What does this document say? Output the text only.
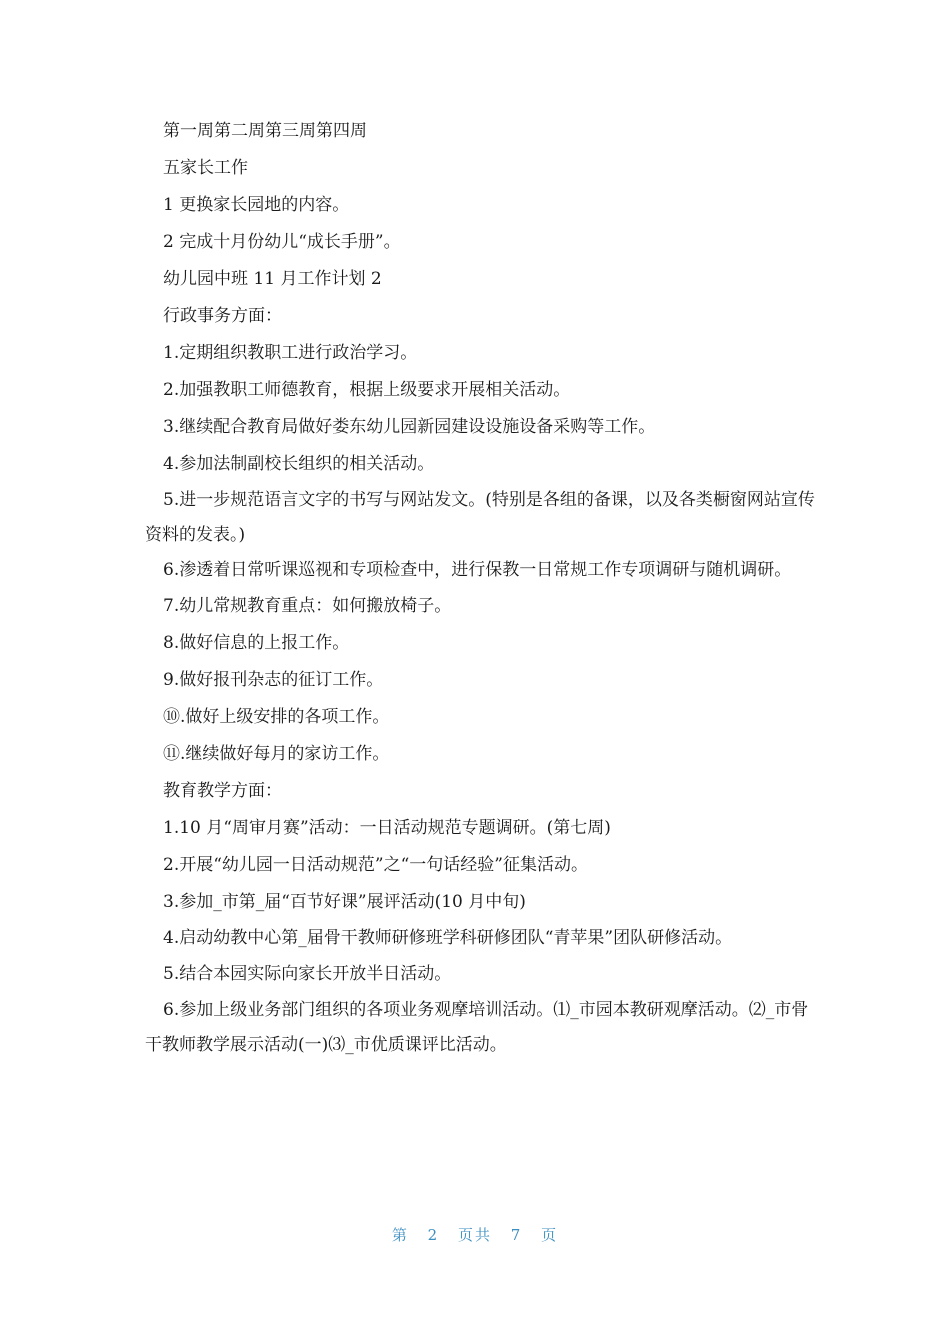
第一周第二周第三周第四周

五家长工作

1 更换家长园地的内容。

2 完成十月份幼儿“成长手册”。

幼儿园中班 11 月工作计划 2

行政事务方面：

1.定期组织教职工进行政治学习。

2.加强教职工师德教育，根据上级要求开展相关活动。

3.继续配合教育局做好娄东幼儿园新园建设设施设备采购等工作。

4.参加法制副校长组织的相关活动。

5.进一步规范语言文字的书写与网站发文。(特别是各组的备课，以及各类橱窗网站宣传资料的发表。)

6.渗透着日常听课巡视和专项检查中，进行保教一日常规工作专项调研与随机调研。

7.幼儿常规教育重点：如何搬放椅子。

8.做好信息的上报工作。

9.做好报刊杂志的征订工作。

⑩.做好上级安排的各项工作。

⑪.继续做好每月的家访工作。

教育教学方面：

1.10 月“周审月赛”活动：一日活动规范专题调研。(第七周)

2.开展“幼儿园一日活动规范”之“一句话经验”征集活动。

3.参加_市第_届“百节好课”展评活动(10 月中旬)

4.启动幼教中心第_届骨干教师研修班学科研修团队“青苹果”团队研修活动。

5.结合本园实际向家长开放半日活动。

6.参加上级业务部门组织的各项业务观摩培训活动。⑴_市园本教研观摩活动。⑵_市骨干教师教学展示活动(一)⑶_市优质课评比活动。

第 2 页共 7 页
